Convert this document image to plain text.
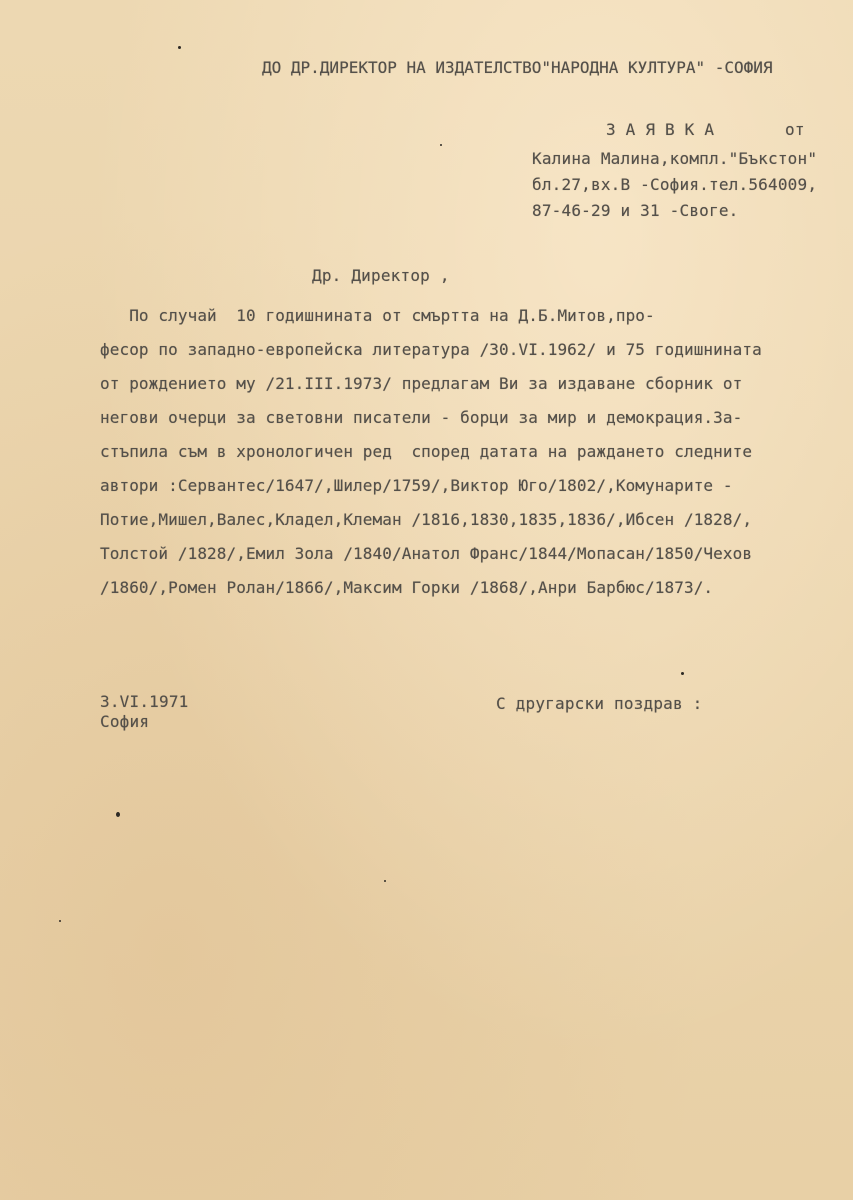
ДО ДР.ДИРЕКТОР НА ИЗДАТЕЛСТВО"НАРОДНА КУЛТУРА" -СОФИЯ
З А Я В К А	от
Калина Малина,компл."Бъкстон"
бл.27,вх.В -София.тел.564009,
87-46-29 и 31 -Своге.
Др. Директор ,
По случай  10 годишнината от смъртта на Д.Б.Митов,про-
фесор по западно-европейска литература /30.VI.1962/ и 75 годишнината
от рождението му /21.III.1973/ предлагам Ви за издаване сборник от
негови очерци за световни писатели - борци за мир и демокрация.За-
стъпила съм в хронологичен ред  според датата на раждането следните
автори :Сервантес/1647/,Шилер/1759/,Виктор Юго/1802/,Комунарите -
Потие,Мишел,Валес,Кладел,Клеман /1816,1830,1835,1836/,Ибсен /1828/,
Толстой /1828/,Емил Зола /1840/Анатол Франс/1844/Мопасан/1850/Чехов
/1860/,Ромен Ролан/1866/,Максим Горки /1868/,Анри Барбюс/1873/.
3.VI.1971
София
С другарски поздрав :
